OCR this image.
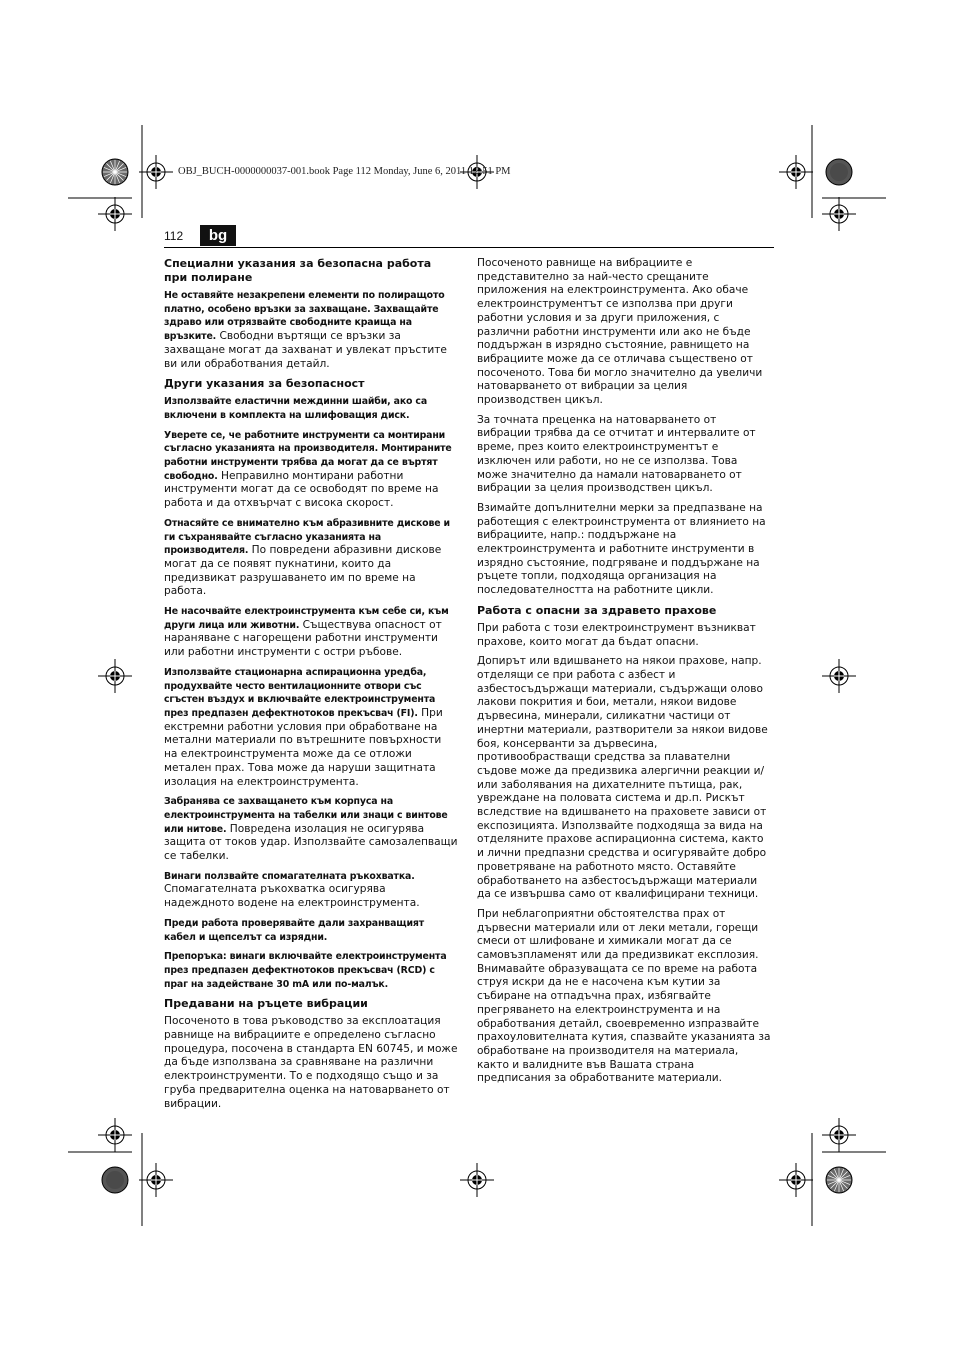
OBJ_BUCH-0000000037-001.book Page 112 Monday, June 6, 2011 12:51 PM
112	bg
Специални указания за безопасна работа при полиране
Не оставяйте незакрепени елементи по полиращото платно, особено връзки за захващане. Захващайте здраво или отрязвайте свободните краища на връзките. Свободни въртящи се връзки за захващане могат да захванат и увлекат пръстите ви или обработвания детайл.
Други указания за безопасност
Използвайте еластични междинни шайби, ако са включени в комплекта на шлифоващия диск.
Уверете се, че работните инструменти са монтирани съгласно указанията на производителя. Монтираните работни инструменти трябва да могат да се въртят свободно. Неправилно монтирани работни инструменти могат да се освободят по време на работа и да отхвърчат с висока скорост.
Отнасяйте се внимателно към абразивните дискове и ги съхранявайте съгласно указанията на производителя. По повредени абразивни дискове могат да се появят пукнатини, които да предизвикат разрушаването им по време на работа.
Не насочвайте електроинструмента към себе си, към други лица или животни. Съществува опасност от нараняване с нагорещени работни инструменти или работни инструменти с остри ръбове.
Използвайте стационарна аспирационна уредба, продухвайте често вентилационните отвори със сгъстен въздух и включвайте електроинструмента през предпазен дефектнотоков прекъсвач (FI). При екстремни работни условия при обработване на метални материали по вътрешните повърхности на електроинструмента може да се отложи метален прах. Това може да наруши защитната изолация на електроинструмента.
Забранява се захващането към корпуса на електроинструмента на табелки или знаци с винтове или нитове. Повредена изолация не осигурява защита от токов удар. Използвайте самозалепващи се табелки.
Винаги ползвайте спомагателната ръкохватка. Спомагателната ръкохватка осигурява надеждното водене на електроинструмента.
Преди работа проверявайте дали захранващият кабел и щепселът са изрядни.
Препоръка: винаги включвайте електроинструмента през предпазен дефектнотоков прекъсвач (RCD) с праг на задействане 30 mA или по-малък.
Предавани на ръцете вибрации
Посоченото в това ръководство за експлоатация равнище на вибрациите е определено съгласно процедура, посочена в стандарта EN 60745, и може да бъде използвана за сравняване на различни електроинструменти. То е подходящо също и за груба предварителна оценка на натоварването от вибрации.
Посоченото равнище на вибрациите е представително за най-често срещаните приложения на електроинструмента. Ако обаче електроинструментът се използва при други работни условия и за други приложения, с различни работни инструменти или ако не бъде поддържан в изрядно състояние, равнището на вибрациите може да се отличава съществено от посоченото. Това би могло значително да увеличи натоварването от вибрации за целия производствен цикъл.
За точната преценка на натоварването от вибрации трябва да се отчитат и интервалите от време, през които електроинструментът е изключен или работи, но не се използва. Това може значително да намали натоварването от вибрации за целия производствен цикъл.
Взимайте допълнителни мерки за предпазване на работещия с електроинструмента от влиянието на вибрациите, напр.: поддържане на електроинструмента и работните инструменти в изрядно състояние, подгряване и поддържане на ръцете топли, подходяща организация на последователността на работните цикли.
Работа с опасни за здравето прахове
При работа с този електроинструмент възникват прахове, които могат да бъдат опасни.
Допирът или вдишването на някои прахове, напр. отделящи се при работа с азбест и азбестосъдържащи материали, съдържащи олово лакови покрития и бои, метали, някои видове дървесина, минерали, силикатни частици от инертни материали, разтворители за някои видове боя, консерванти за дървесина, противообрастващи средства за плавателни съдове може да предизвика алергични реакции и/или заболявания на дихателните пътища, рак, увреждане на половата система и др.п. Рискът вследствие на вдишването на праховете зависи от експозицията. Използвайте подходяща за вида на отделяните прахове аспирационна система, както и лични предпазни средства и осигурявайте добро проветряване на работното място. Оставяйте обработването на азбестосъдържащи материали да се извършва само от квалифицирани техници.
При неблагоприятни обстоятелства прах от дървесни материали или от леки метали, горещи смеси от шлифоване и химикали могат да се самовъзпламенят или да предизвикат експлозия. Внимавайте образуващата се по време на работа струя искри да не е насочена към кутии за събиране на отпадъчна прах, избягвайте прегряването на електроинструмента и на обработвания детайл, своевременно изпразвайте прахоуловителната кутия, спазвайте указанията за обработване на производителя на материала, както и валидните във Вашата страна предписания за обработваните материали.
